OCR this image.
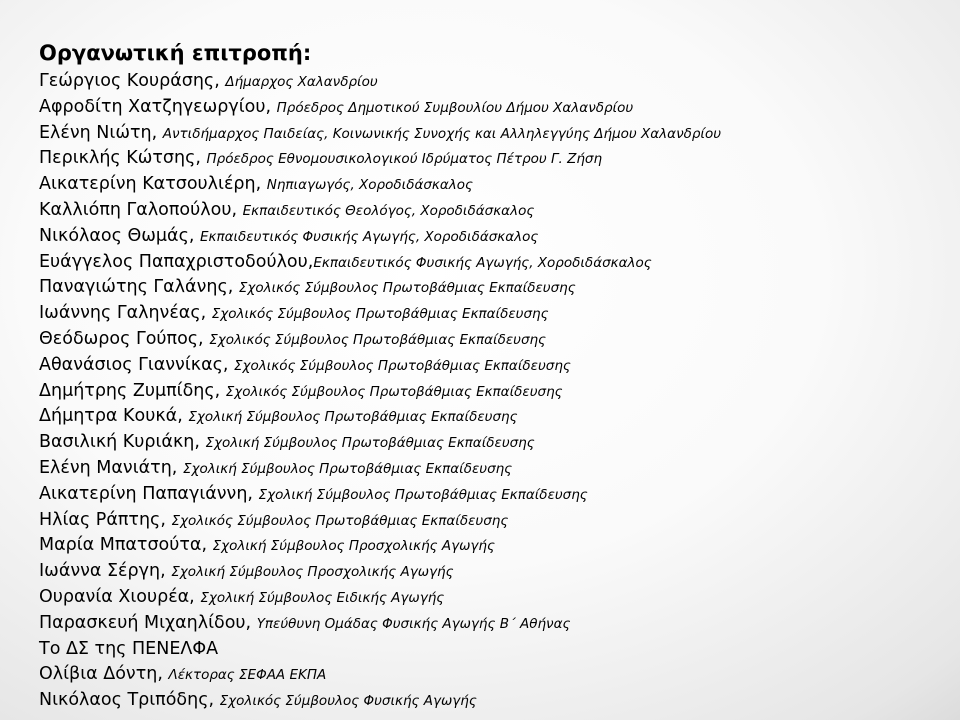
Οργανωτική επιτροπή:
Γεώργιος Κουράσης, Δήμαρχος Χαλανδρίου
Αφροδίτη Χατζηγεωργίου, Πρόεδρος Δημοτικού Συμβουλίου Δήμου Χαλανδρίου
Ελένη Νιώτη, Αντιδήμαρχος Παιδείας, Κοινωνικής Συνοχής και Αλληλεγγύης Δήμου Χαλανδρίου
Περικλής Κώτσης, Πρόεδρος Εθνομουσικολογικού Ιδρύματος Πέτρου Γ. Ζήση
Αικατερίνη Κατσουλιέρη, Νηπιαγωγός, Χοροδιδάσκαλος
Καλλιόπη Γαλοπούλου, Εκπαιδευτικός Θεολόγος, Χοροδιδάσκαλος
Νικόλαος Θωμάς, Εκπαιδευτικός Φυσικής Αγωγής, Χοροδιδάσκαλος
Ευάγγελος Παπαχριστοδούλου,Εκπαιδευτικός Φυσικής Αγωγής, Χοροδιδάσκαλος
Παναγιώτης Γαλάνης, Σχολικός Σύμβουλος Πρωτοβάθμιας Εκπαίδευσης
Ιωάννης Γαληνέας, Σχολικός Σύμβουλος Πρωτοβάθμιας Εκπαίδευσης
Θεόδωρος Γούπος, Σχολικός Σύμβουλος Πρωτοβάθμιας Εκπαίδευσης
Αθανάσιος Γιαννίκας, Σχολικός Σύμβουλος Πρωτοβάθμιας Εκπαίδευσης
Δημήτρης Ζυμπίδης, Σχολικός Σύμβουλος Πρωτοβάθμιας Εκπαίδευσης
Δήμητρα Κουκά, Σχολική Σύμβουλος Πρωτοβάθμιας Εκπαίδευσης
Βασιλική Κυριάκη, Σχολική Σύμβουλος Πρωτοβάθμιας Εκπαίδευσης
Ελένη Μανιάτη, Σχολική Σύμβουλος Πρωτοβάθμιας Εκπαίδευσης
Αικατερίνη Παπαγιάννη, Σχολική Σύμβουλος Πρωτοβάθμιας Εκπαίδευσης
Ηλίας Ράπτης, Σχολικός Σύμβουλος Πρωτοβάθμιας Εκπαίδευσης
Μαρία Μπατσούτα, Σχολική Σύμβουλος Προσχολικής Αγωγής
Ιωάννα Σέργη, Σχολική Σύμβουλος Προσχολικής Αγωγής
Ουρανία Χιουρέα, Σχολική Σύμβουλος Ειδικής Αγωγής
Παρασκευή Μιχαηλίδου, Υπεύθυνη Ομάδας Φυσικής Αγωγής Β΄ Αθήνας
Το ΔΣ της ΠΕΝΕΛΦΑ
Ολίβια Δόντη, Λέκτορας ΣΕΦΑΑ ΕΚΠΑ
Νικόλαος Τριπόδης, Σχολικός Σύμβουλος Φυσικής Αγωγής
